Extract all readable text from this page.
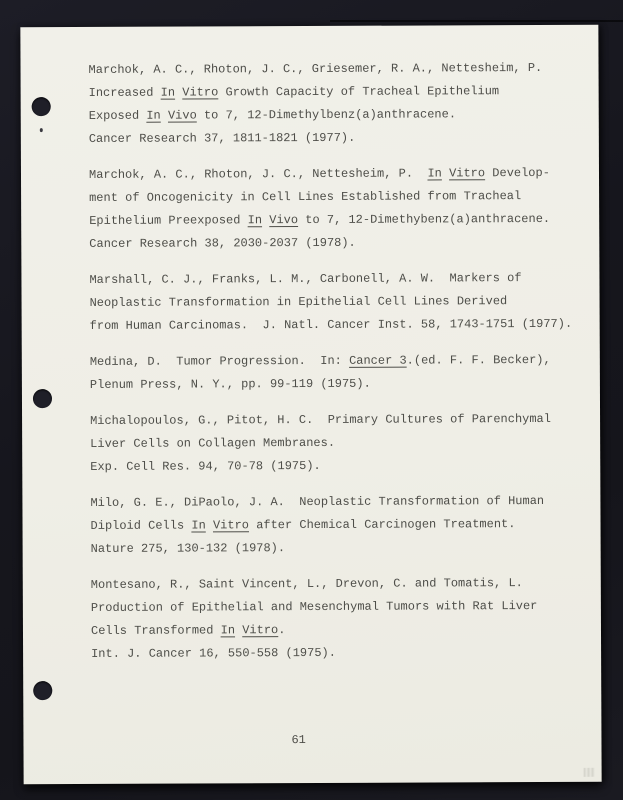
Marchok, A. C., Rhoton, J. C., Griesemer, R. A., Nettesheim, P.
Increased In Vitro Growth Capacity of Tracheal Epithelium
Exposed In Vivo to 7, 12-Dimethylbenz(a)anthracene.
Cancer Research 37, 1811-1821 (1977).
Marchok, A. C., Rhoton, J. C., Nettesheim, P.  In Vitro Develop-
ment of Oncogenicity in Cell Lines Established from Tracheal
Epithelium Preexposed In Vivo to 7, 12-Dimethybenz(a)anthracene.
Cancer Research 38, 2030-2037 (1978).
Marshall, C. J., Franks, L. M., Carbonell, A. W.  Markers of
Neoplastic Transformation in Epithelial Cell Lines Derived
from Human Carcinomas.  J. Natl. Cancer Inst. 58, 1743-1751 (1977).
Medina, D.  Tumor Progression.  In: Cancer 3.(ed. F. F. Becker),
Plenum Press, N. Y., pp. 99-119 (1975).
Michalopoulos, G., Pitot, H. C.  Primary Cultures of Parenchymal
Liver Cells on Collagen Membranes.
Exp. Cell Res. 94, 70-78 (1975).
Milo, G. E., DiPaolo, J. A.  Neoplastic Transformation of Human
Diploid Cells In Vitro after Chemical Carcinogen Treatment.
Nature 275, 130-132 (1978).
Montesano, R., Saint Vincent, L., Drevon, C. and Tomatis, L.
Production of Epithelial and Mesenchymal Tumors with Rat Liver
Cells Transformed In Vitro.
Int. J. Cancer 16, 550-558 (1975).
61
